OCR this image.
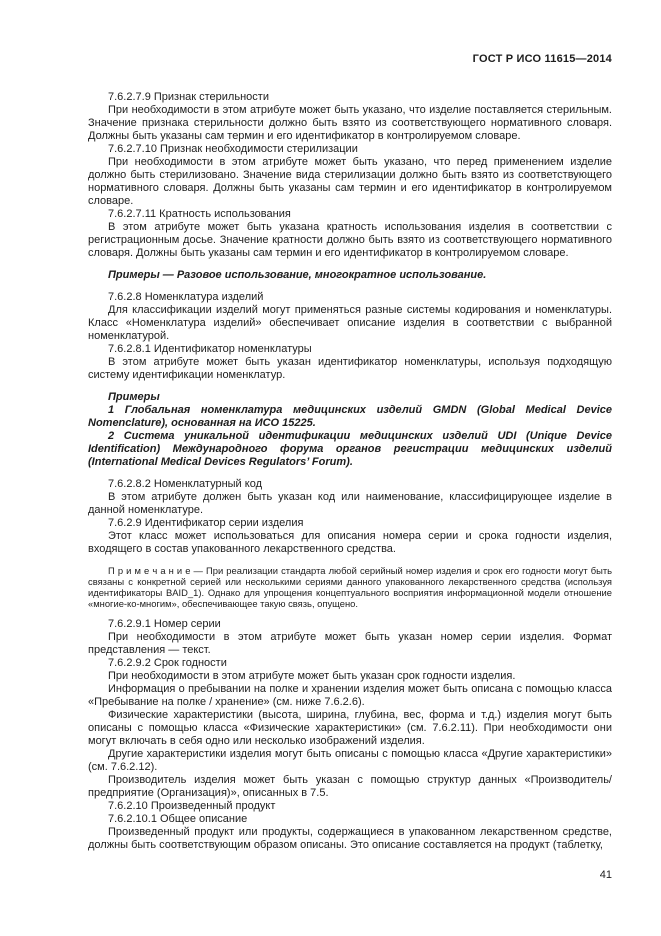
ГОСТ Р ИСО 11615—2014

7.6.2.7.9 Признак стерильности

При необходимости в этом атрибуте может быть указано, что изделие поставляется стерильным. Значение признака стерильности должно быть взято из соответствующего нормативного словаря. Должны быть указаны сам термин и его идентификатор в контролируемом словаре.

7.6.2.7.10 Признак необходимости стерилизации

При необходимости в этом атрибуте может быть указано, что перед применением изделие должно быть стерилизовано. Значение вида стерилизации должно быть взято из соответствующего нормативного словаря. Должны быть указаны сам термин и его идентификатор в контролируемом словаре.

7.6.2.7.11 Кратность использования

В этом атрибуте может быть указана кратность использования изделия в соответствии с регистрационным досье. Значение кратности должно быть взято из соответствующего нормативного словаря. Должны быть указаны сам термин и его идентификатор в контролируемом словаре.

Примеры — Разовое использование, многократное использование.

7.6.2.8 Номенклатура изделий

Для классификации изделий могут применяться разные системы кодирования и номенклатуры. Класс «Номенклатура изделий» обеспечивает описание изделия в соответствии с выбранной номенклатурой.

7.6.2.8.1 Идентификатор номенклатуры

В этом атрибуте может быть указан идентификатор номенклатуры, используя подходящую систему идентификации номенклатур.

Примеры

1 Глобальная номенклатура медицинских изделий GMDN (Global Medical Device Nomenclature), основанная на ИСО 15225.

2 Система уникальной идентификации медицинских изделий UDI (Unique Device Identification) Международного форума органов регистрации медицинских изделий (International Medical Devices Regulators’ Forum).

7.6.2.8.2 Номенклатурный код

В этом атрибуте должен быть указан код или наименование, классифицирующее изделие в данной номенклатуре.

7.6.2.9 Идентификатор серии изделия

Этот класс может использоваться для описания номера серии и срока годности изделия, входящего в состав упакованного лекарственного средства.

П р и м е ч а н и е — При реализации стандарта любой серийный номер изделия и срок его годности могут быть связаны с конкретной серией или несколькими сериями данного упакованного лекарственного средства (используя идентификаторы BAID_1). Однако для упрощения концептуального восприятия информационной модели отношение «многие-ко-многим», обеспечивающее такую связь, опущено.

7.6.2.9.1 Номер серии

При необходимости в этом атрибуте может быть указан номер серии изделия. Формат представления — текст.

7.6.2.9.2 Срок годности

При необходимости в этом атрибуте может быть указан срок годности изделия.

Информация о пребывании на полке и хранении изделия может быть описана с помощью класса «Пребывание на полке / хранение» (см. ниже 7.6.2.6).

Физические характеристики (высота, ширина, глубина, вес, форма и т.д.) изделия могут быть описаны с помощью класса «Физические характеристики» (см. 7.6.2.11). При необходимости они могут включать в себя одно или несколько изображений изделия.

Другие характеристики изделия могут быть описаны с помощью класса «Другие характеристики» (см. 7.6.2.12).

Производитель изделия может быть указан с помощью структур данных «Производитель/предприятие (Организация)», описанных в 7.5.

7.6.2.10 Произведенный продукт

7.6.2.10.1 Общее описание

Произведенный продукт или продукты, содержащиеся в упакованном лекарственном средстве, должны быть соответствующим образом описаны. Это описание составляется на продукт (таблетку,

41
